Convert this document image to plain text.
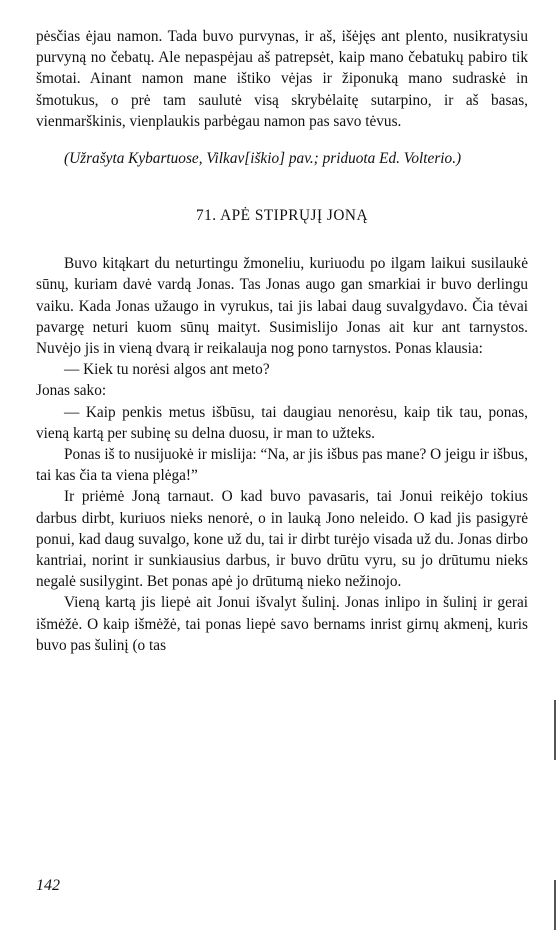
pėsčias ėjau namon. Tada buvo purvynas, ir aš, išėjęs ant plento, nusikratysiu purvyną no čebatų. Ale nepaspėjau aš patrepsėt, kaip mano čebatukų pabiro tik šmotai. Ainant namon mane ištiko vėjas ir žiponuką mano sudraskė in šmotukus, o prė tam saulutė visą skrybėlaitę sutarpino, ir aš basas, vienmarškinis, vienplaukis parbėgau namon pas savo tėvus.

(Užrašyta Kybartuose, Vilkav[iškio] pav.; priduota Ed. Volterio.)

71. APĖ STIPRŲJĮ JONĄ

Buvo kitąkart du neturtingu žmoneliu, kuriuodu po ilgam laikui susilaukė sūnų, kuriam davė vardą Jonas. Tas Jonas augo gan smarkiai ir buvo derlingu vaiku. Kada Jonas užaugo in vyrukus, tai jis labai daug suvalgydavo. Čia tėvai pavargę neturi kuom sūnų maityt. Susimislijo Jonas ait kur ant tarnystos. Nuvėjo jis in vieną dvarą ir reikalauja nog pono tarnystos. Ponas klausia:

— Kiek tu norėsi algos ant meto?

Jonas sako:

— Kaip penkis metus išbūsu, tai daugiau nenorėsu, kaip tik tau, ponas, vieną kartą per subinę su delna duosu, ir man to užteks.

Ponas iš to nusijuokė ir mislija: “Na, ar jis išbus pas mane? O jeigu ir išbus, tai kas čia ta viena plėga!”

Ir priėmė Joną tarnaut. O kad buvo pavasaris, tai Jonui reikėjo tokius darbus dirbt, kuriuos nieks nenorė, o in lauką Jono neleido. O kad jis pasigyrė ponui, kad daug suvalgo, kone už du, tai ir dirbt turėjo visada už du. Jonas dirbo kantriai, norint ir sunkiausius darbus, ir buvo drūtu vyru, su jo drūtumu nieks negalė susilygint. Bet ponas apė jo drūtumą nieko nežinojo.

Vieną kartą jis liepė ait Jonui išvalyt šulinį. Jonas inlipo in šulinį ir gerai išmėžė. O kaip išmėžė, tai ponas liepė savo bernams inrist girnų akmenį, kuris buvo pas šulinį (o tas

142
